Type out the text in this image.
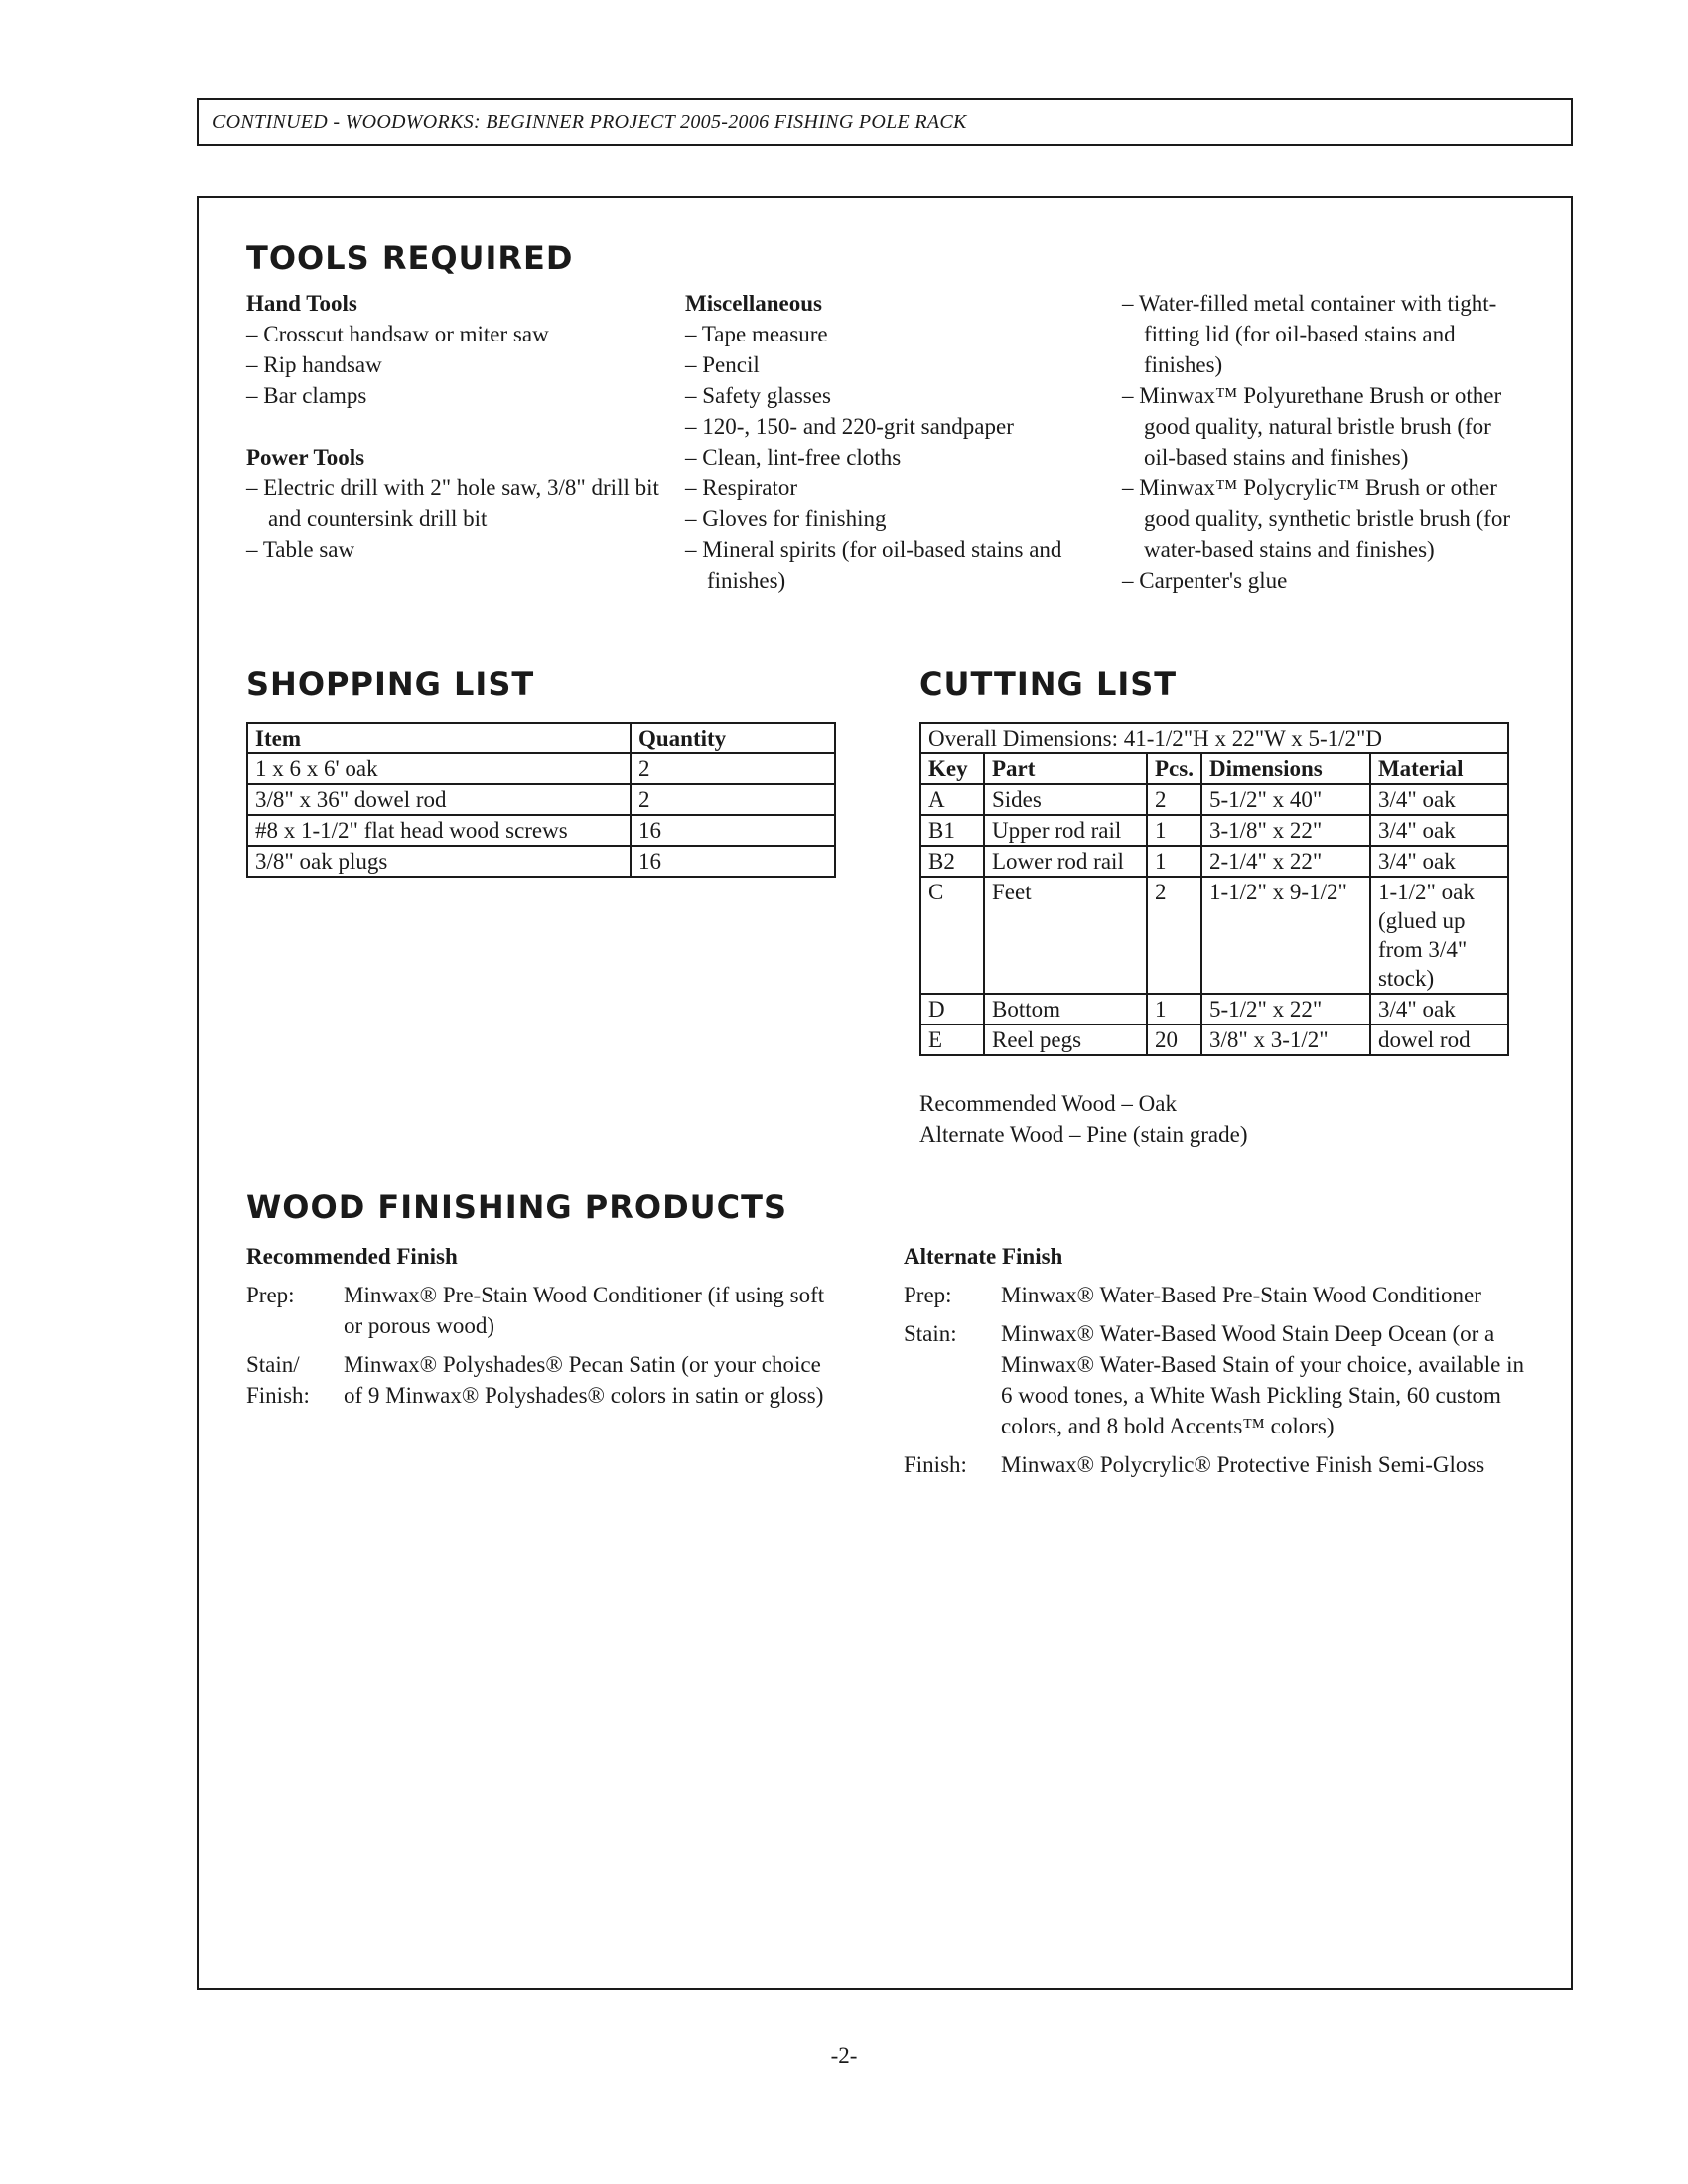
CONTINUED - WOODWORKS: BEGINNER PROJECT 2005-2006 FISHING POLE RACK
TOOLS REQUIRED
Hand Tools
– Crosscut handsaw or miter saw
– Rip handsaw
– Bar clamps
Power Tools
– Electric drill with 2" hole saw, 3/8" drill bit and countersink drill bit
– Table saw
Miscellaneous
– Tape measure
– Pencil
– Safety glasses
– 120-, 150- and 220-grit sandpaper
– Clean, lint-free cloths
– Respirator
– Gloves for finishing
– Mineral spirits (for oil-based stains and finishes)
– Water-filled metal container with tight-fitting lid (for oil-based stains and finishes)
– Minwax™ Polyurethane Brush or other good quality, natural bristle brush (for oil-based stains and finishes)
– Minwax™ Polycrylic™ Brush or other good quality, synthetic bristle brush (for water-based stains and finishes)
– Carpenter's glue
SHOPPING LIST
Item	Quantity
1 x 6 x 6' oak	2
3/8" x 36" dowel rod	2
#8 x 1-1/2" flat head wood screws	16
3/8" oak plugs	16
CUTTING LIST
Overall Dimensions: 41-1/2"H x 22"W x 5-1/2"D				
Key	Part	Pcs.	Dimensions	Material
A	Sides	2	5-1/2" x 40"	3/4" oak
B1	Upper rod rail	1	3-1/8" x 22"	3/4" oak
B2	Lower rod rail	1	2-1/4" x 22"	3/4" oak
C	Feet	2	1-1/2" x 9-1/2"	1-1/2" oak (glued up from 3/4" stock)
D	Bottom	1	5-1/2" x 22"	3/4" oak
E	Reel pegs	20	3/8" x 3-1/2"	dowel rod
Recommended Wood – Oak
Alternate Wood – Pine (stain grade)
WOOD FINISHING PRODUCTS
Recommended Finish
Prep:	Minwax® Pre-Stain Wood Conditioner (if using soft or porous wood)
Stain/ Finish:
Minwax® Polyshades® Pecan Satin (or your choice of 9 Minwax® Polyshades® colors in satin or gloss)
Alternate Finish
Prep:	Minwax® Water-Based Pre-Stain Wood Conditioner
Stain:	Minwax® Water-Based Wood Stain Deep Ocean (or a Minwax® Water-Based Stain of your choice, available in 6 wood tones, a White Wash Pickling Stain, 60 custom colors, and 8 bold Accents™ colors)
Finish:	Minwax® Polycrylic® Protective Finish Semi-Gloss
-2-
